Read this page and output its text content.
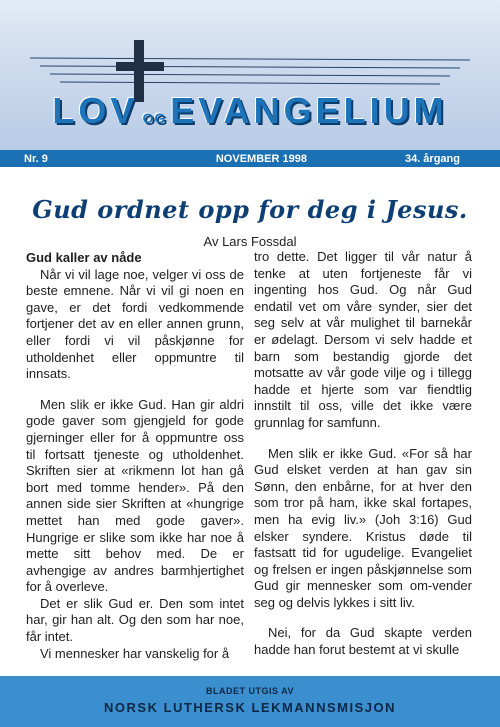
LOV OG EVANGELIUM
Nr. 9	NOVEMBER 1998	34. årgang
Gud ordnet opp for deg i Jesus.
Av Lars Fossdal
Gud kaller av nåde

Når vi vil lage noe, velger vi oss de beste emnene. Når vi vil gi noen en gave, er det fordi vedkommende fortjener det av en eller annen grunn, eller fordi vi vil påskjønne for utholdenhet eller oppmuntre til innsats.

Men slik er ikke Gud. Han gir aldri gode gaver som gjengjeld for gode gjerninger eller for å oppmuntre oss til fortsatt tjeneste og utholdenhet. Skriften sier at «rikmenn lot han gå bort med tomme hender». På den annen side sier Skriften at «hungrige mettet han med gode gaver». Hungrige er slike som ikke har noe å mette sitt behov med. De er avhengige av andres barmhjertighet for å overleve.

Det er slik Gud er. Den som intet har, gir han alt. Og den som har noe, får intet.

Vi mennesker har vanskelig for å

tro dette. Det ligger til vår natur å tenke at uten fortjeneste får vi ingenting hos Gud. Og når Gud endatil vet om våre synder, sier det seg selv at vår mulighet til barnekår er ødelagt. Dersom vi selv hadde et barn som bestandig gjorde det motsatte av vår gode vilje og i tillegg hadde et hjerte som var fiendtlig innstilt til oss, ville det ikke være grunnlag for samfunn.

Men slik er ikke Gud. «For så har Gud elsket verden at han gav sin Sønn, den enbårne, for at hver den som tror på ham, ikke skal fortapes, men ha evig liv.» (Joh 3:16) Gud elsker syndere. Kristus døde til fastsatt tid for ugudelige. Evangeliet og frelsen er ingen påskjønnelse som Gud gir mennesker som om-vender seg og delvis lykkes i sitt liv.

Nei, for da Gud skapte verden hadde han forut bestemt at vi skulle

BLADET UTGIS AV
NORSK LUTHERSK LEKMANNSMISJON
